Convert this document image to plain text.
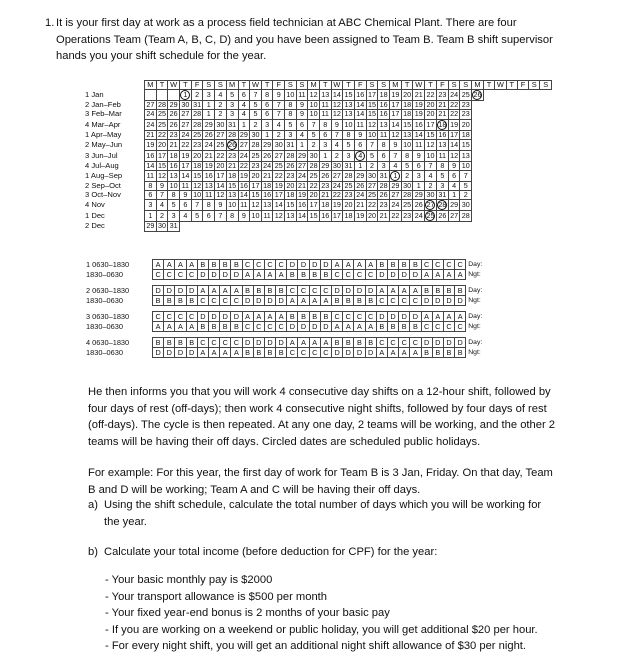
1. It is your first day at work as a process field technician at ABC Chemical Plant. There are four Operations Team (Team A, B, C, D) and you have been assigned to Team B. Team B shift supervisor hands you your shift schedule for the year.
	M	T	W	T	F	S	S	M	T	W	T	F	S	S	M	T	W	T	F	S	S	M	T	W	T	F	S	S	M	T	W	T	F	S	S
1 Jan				1	2	3	4	5	6	7	8	9	10	11	12	13	14	15	16	17	18	19	20	21	22	23	24	25	26						
2 Jan–Feb	27	28	29	30	31	1	2	3	4	5	6	7	8	9	10	11	12	13	14	15	16	17	18	19	20	21	22	23							
3 Feb–Mar	24	25	26	27	28	1	2	3	4	5	6	7	8	9	10	11	12	13	14	15	16	17	18	19	20	21	22	23							
4 Mar–Apr	24	25	26	27	28	29	30	31	1	2	3	4	5	6	7	8	9	10	11	12	13	14	15	16	17	18	19	20							
1 Apr–May	21	22	23	24	25	26	27	28	29	30	1	2	3	4	5	6	7	8	9	10	11	12	13	14	15	16	17	18							
2 May–Jun	19	20	21	22	23	24	25	26	27	28	29	30	31	1	2	3	4	5	6	7	8	9	10	11	12	13	14	15							
3 Jun–Jul	16	17	18	19	20	21	22	23	24	25	26	27	28	29	30	1	2	3	4	5	6	7	8	9	10	11	12	13							
4 Jul–Aug	14	15	16	17	18	19	20	21	22	23	24	25	26	27	28	29	30	31	1	2	3	4	5	6	7	8	9	10							
1 Aug–Sep	11	12	13	14	15	16	17	18	19	20	21	22	23	24	25	26	27	28	29	30	31	1	2	3	4	5	6	7							
2 Sep–Oct	8	9	10	11	12	13	14	15	16	17	18	19	20	21	22	23	24	25	26	27	28	29	30	1	2	3	4	5							
3 Oct–Nov	6	7	8	9	10	11	12	13	14	15	16	17	18	19	20	21	22	23	24	25	26	27	28	29	30	31	1	2							
4 Nov	3	4	5	6	7	8	9	10	11	12	13	14	15	16	17	18	19	20	21	22	23	24	25	26	27	28	29	30							
1 Dec	1	2	3	4	5	6	7	8	9	10	11	12	13	14	15	16	17	18	19	20	21	22	23	24	25	26	27	28							
2 Dec	29	30	31																																
1 0630–1830	A A A A B B B B C C C C D D D D A A A A B B B B C C C C Day:
1830–0630	C C C C D D D D A A A A B B B B C C C C D D D D A A A A Ngt:
2 0630–1830	D D D D A A A A B B B B C C C C D D D D A A A A B B B B Day:
1830–0630	B B B B C C C C D D D D A A A A B B B B C C C C D D D D Ngt:
3 0630–1830	C C C C D D D D A A A A B B B B C C C C D D D D A A A A Day:
1830–0630	A A A A B B B B C C C C D D D D A A A A B B B B C C C C Ngt:
4 0630–1830	B B B B C C C C D D D D A A A A B B B B C C C C D D D D Day:
1830–0630	D D D D A A A A B B B B C C C C D D D D A A A A B B B B Ngt:
He then informs you that you will work 4 consecutive day shifts on a 12-hour shift, followed by four days of rest (off-days); then work 4 consecutive night shifts, followed by four days of rest (off-days). The cycle is then repeated. At any one day, 2 teams will be working, and the other 2 teams will be having their off days. Circled dates are scheduled public holidays.
For example: For this year, the first day of work for Team B is 3 Jan, Friday. On that day, Team B and D will be working; Team A and C will be having their off days.
a) Using the shift schedule, calculate the total number of days which you will be working for the year.
b) Calculate your total income (before deduction for CPF) for the year:
- Your basic monthly pay is $2000
- Your transport allowance is $500 per month
- Your fixed year-end bonus is 2 months of your basic pay
- If you are working on a weekend or public holiday, you will get additional $20 per hour.
- For every night shift, you will get an additional night shift allowance of $30 per night.
